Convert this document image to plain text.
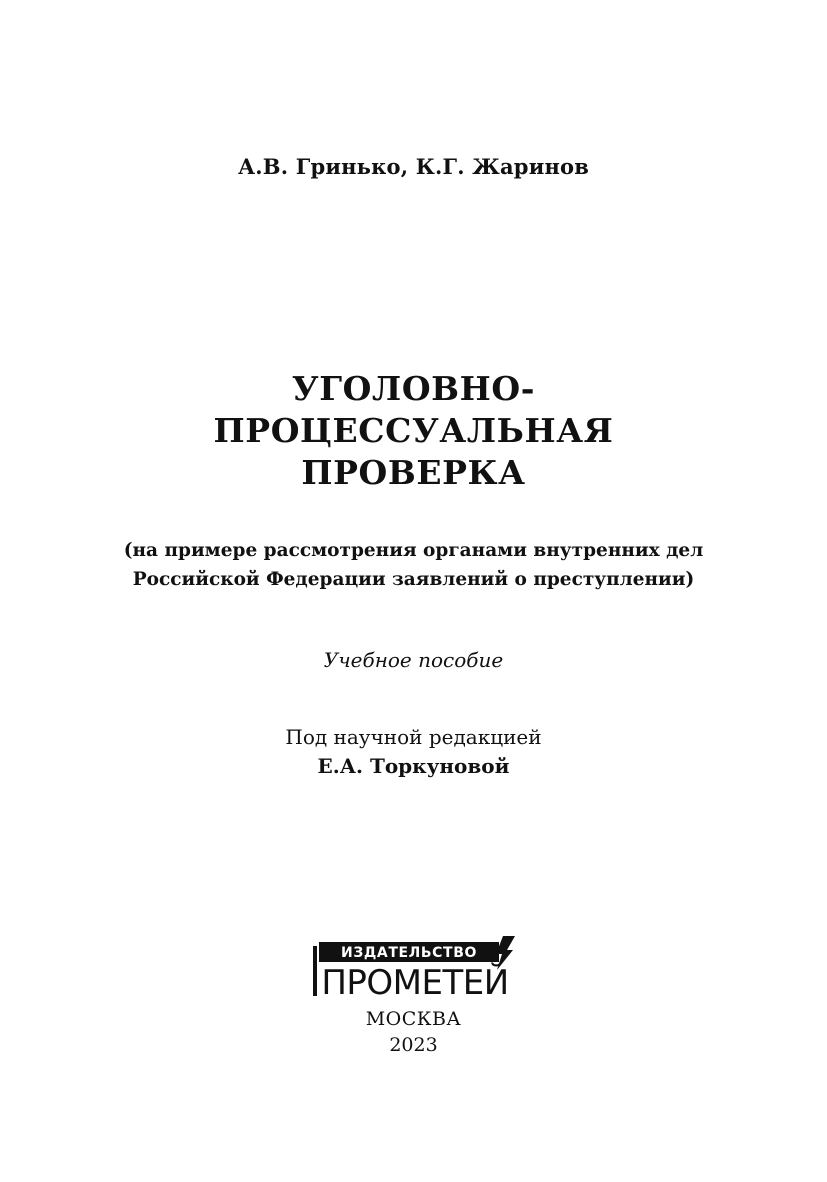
А.В. Гринько, К.Г. Жаринов
УГОЛОВНО-
ПРОЦЕССУАЛЬНАЯ
ПРОВЕРКА
(на примере рассмотрения органами внутренних дел
Российской Федерации заявлений о преступлении)
Учебное пособие
Под научной редакцией
Е.А. Торкуновой
ИЗДАТЕЛЬСТВО
ПРОМЕТЕЙ
МОСКВА
2023
